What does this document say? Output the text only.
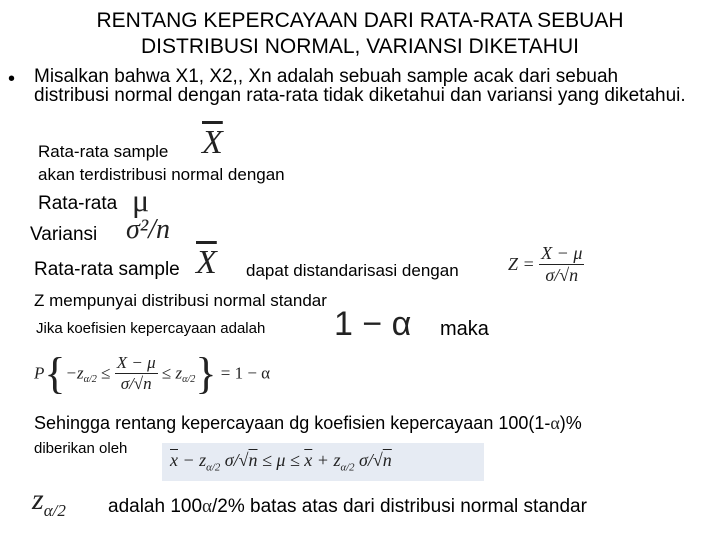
RENTANG KEPERCAYAAN DARI RATA-RATA SEBUAH
DISTRIBUSI NORMAL, VARIANSI DIKETAHUI
• Misalkan bahwa X1, X2,, Xn adalah sebuah sample acak dari sebuah distribusi normal dengan rata-rata tidak diketahui dan variansi yang diketahui.
Rata-rata sample $\overline{X}$
akan terdistribusi normal dengan
Rata-rata μ
Variansi σ²/n
Rata-rata sample $\overline{X}$ dapat distandarisasi dengan	$Z = \frac{X - \mu}{\sigma/√n}$
Z mempunyai distribusi normal standar
Jika koefisien kepercayaan adalah 1 − α maka
$P\{-z_{\alpha/2} \le \frac{X - \mu}{\sigma/√n} \le z_{\alpha/2}\} = 1 - \alpha$
Sehingga rentang kepercayaan dg koefisien kepercayaan 100(1-α)%
diberikan oleh
$\overline{x} - z_{\alpha/2}$ $\sigma/√n \le \mu \le \overline{x} + z_{\alpha/2}$ σ/√n
$z_{\alpha/2}$ adalah 100α/2% batas atas dari distribusi normal standar
